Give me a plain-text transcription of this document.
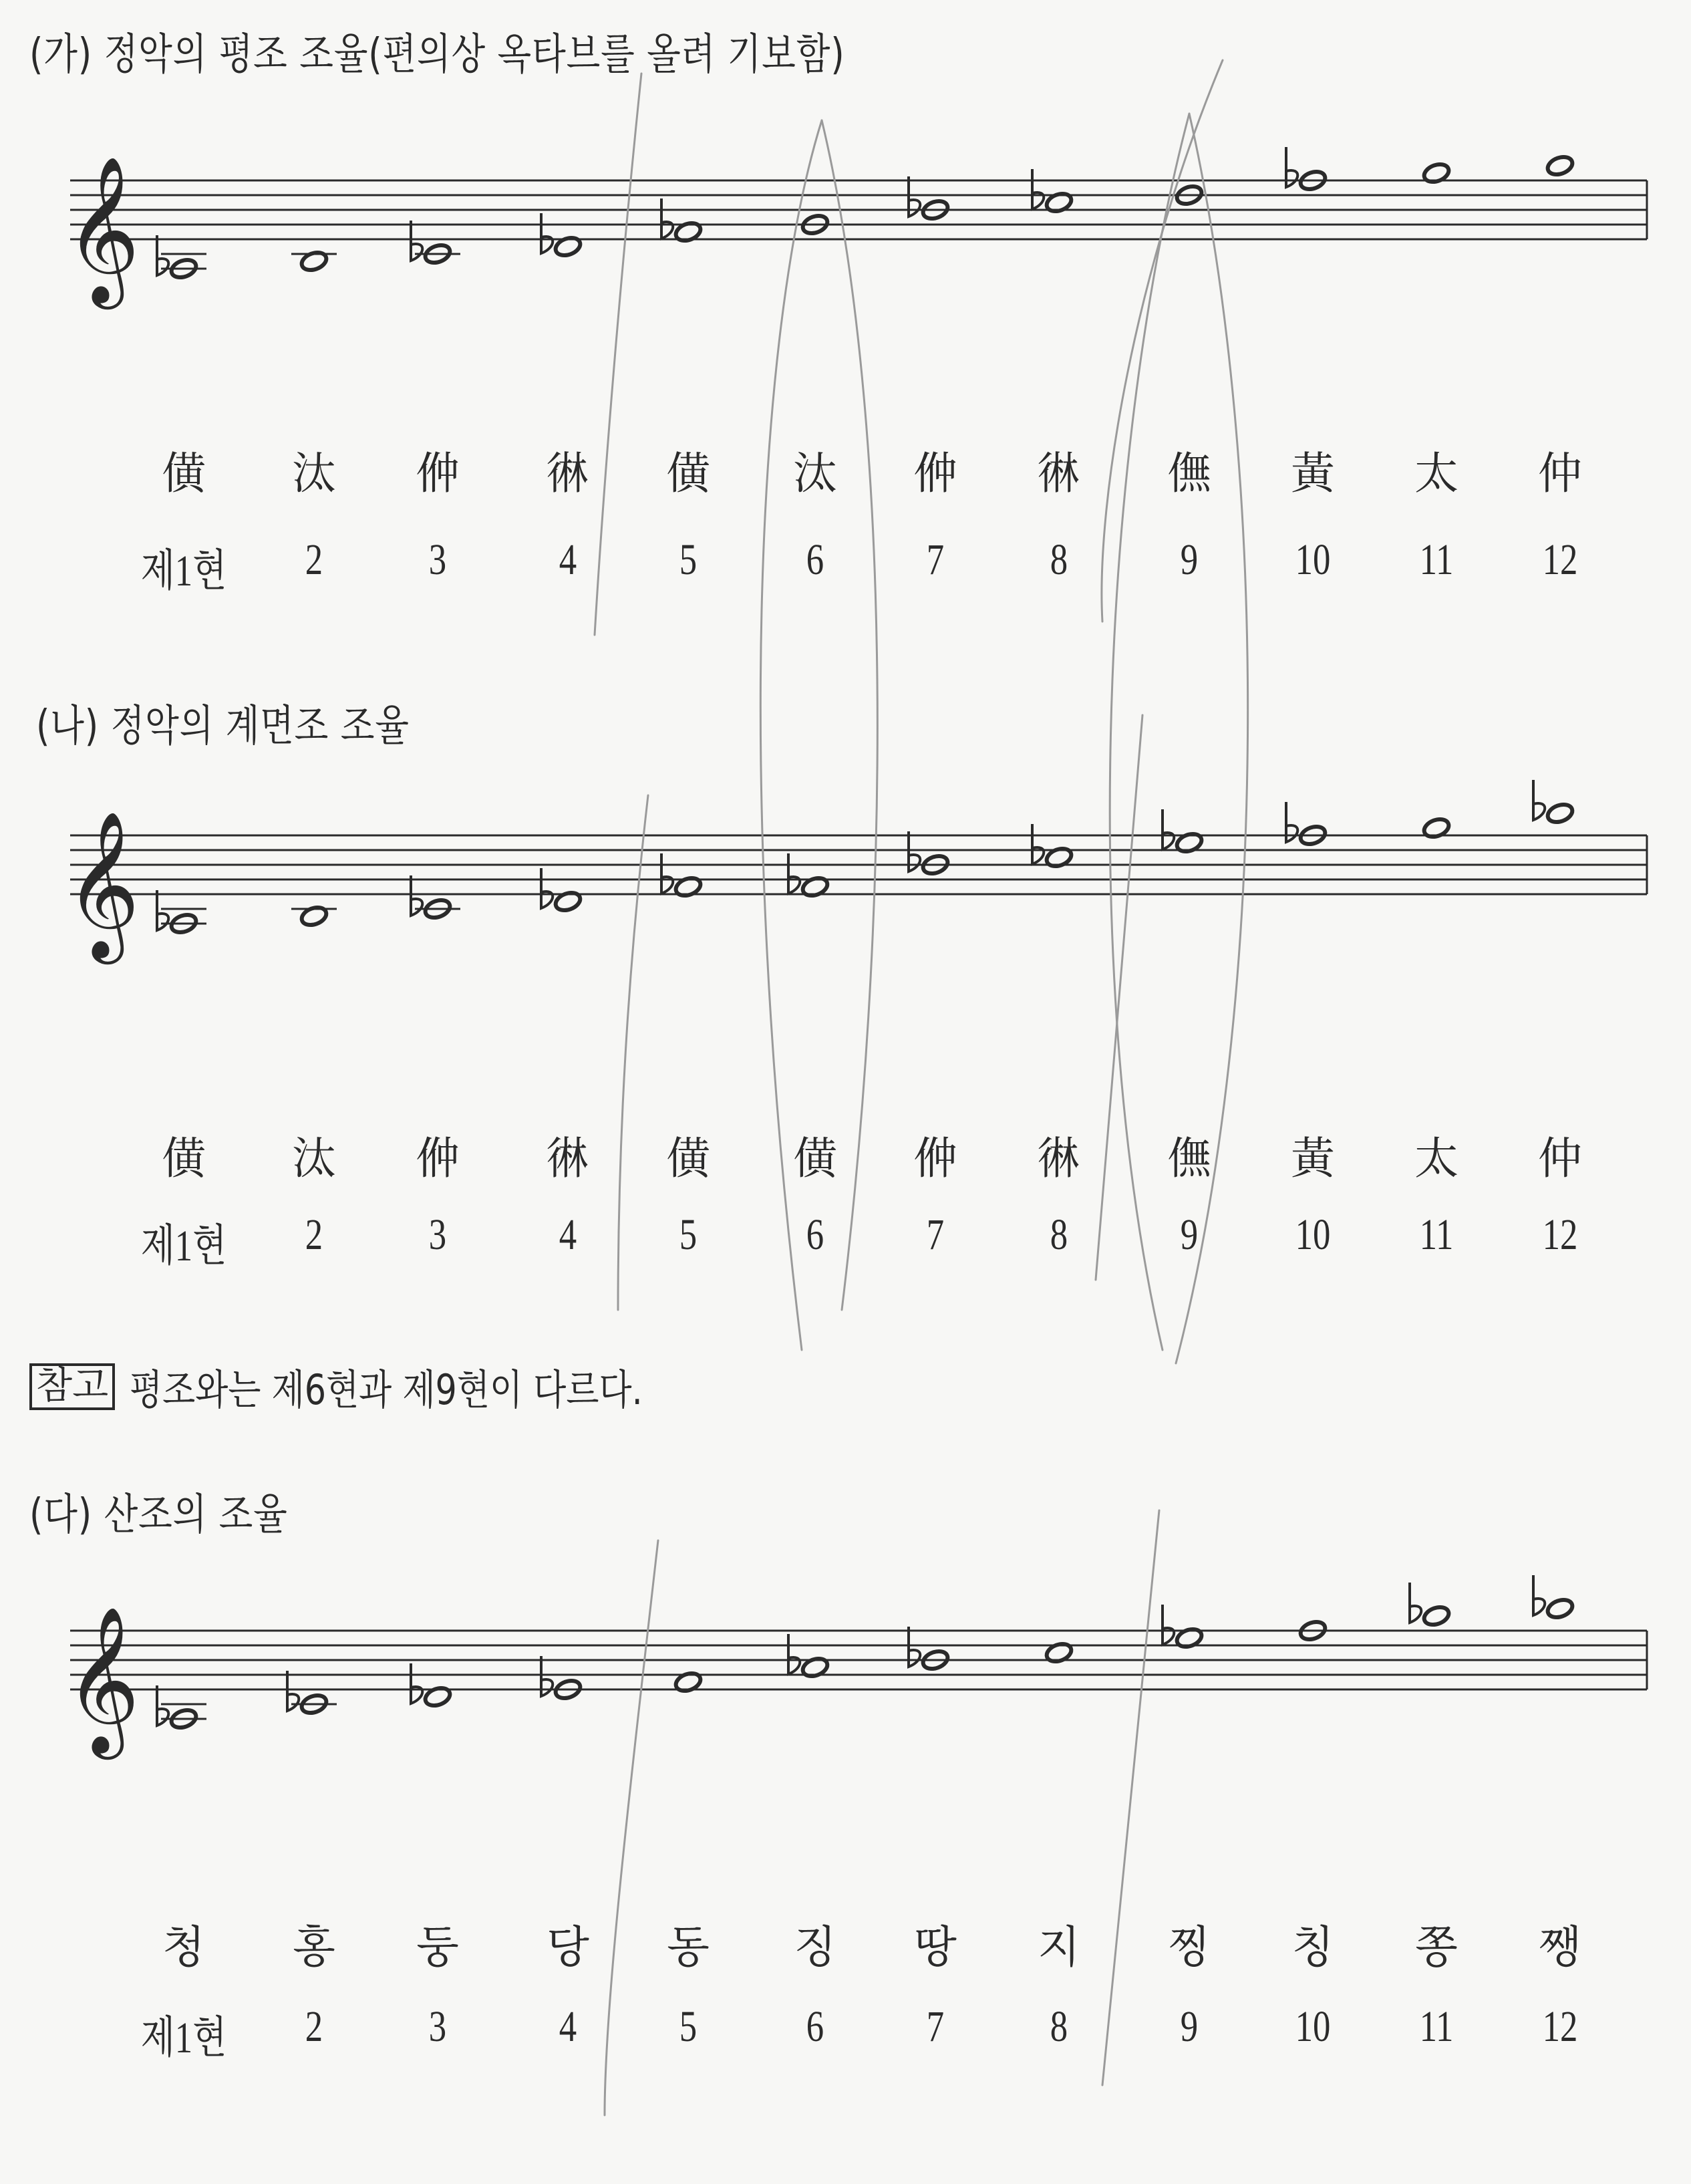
(가) 정악의 평조 조율(편의상 옥타브를 올려 기보함)
(나) 정악의 계면조 조율
(다) 산조의 조율
𝄞
𝄞
𝄞
僙	汰	㑖	㣩	僙	汰	㑖	㣩	㒇	黃	太	仲
제1현	2	3	4	5	6	7	8	9	10	11	12
僙	汰	㑖	㣩	僙	僙	㑖	㣩	㒇	黃	太	仲
제1현	2	3	4	5	6	7	8	9	10	11	12
청	홍	둥	당	동	징	땅	지	찡	칭	쫑	쨍
제1현	2	3	4	5	6	7	8	9	10	11	12
참고 평조와는 제6현과 제9현이 다르다.
